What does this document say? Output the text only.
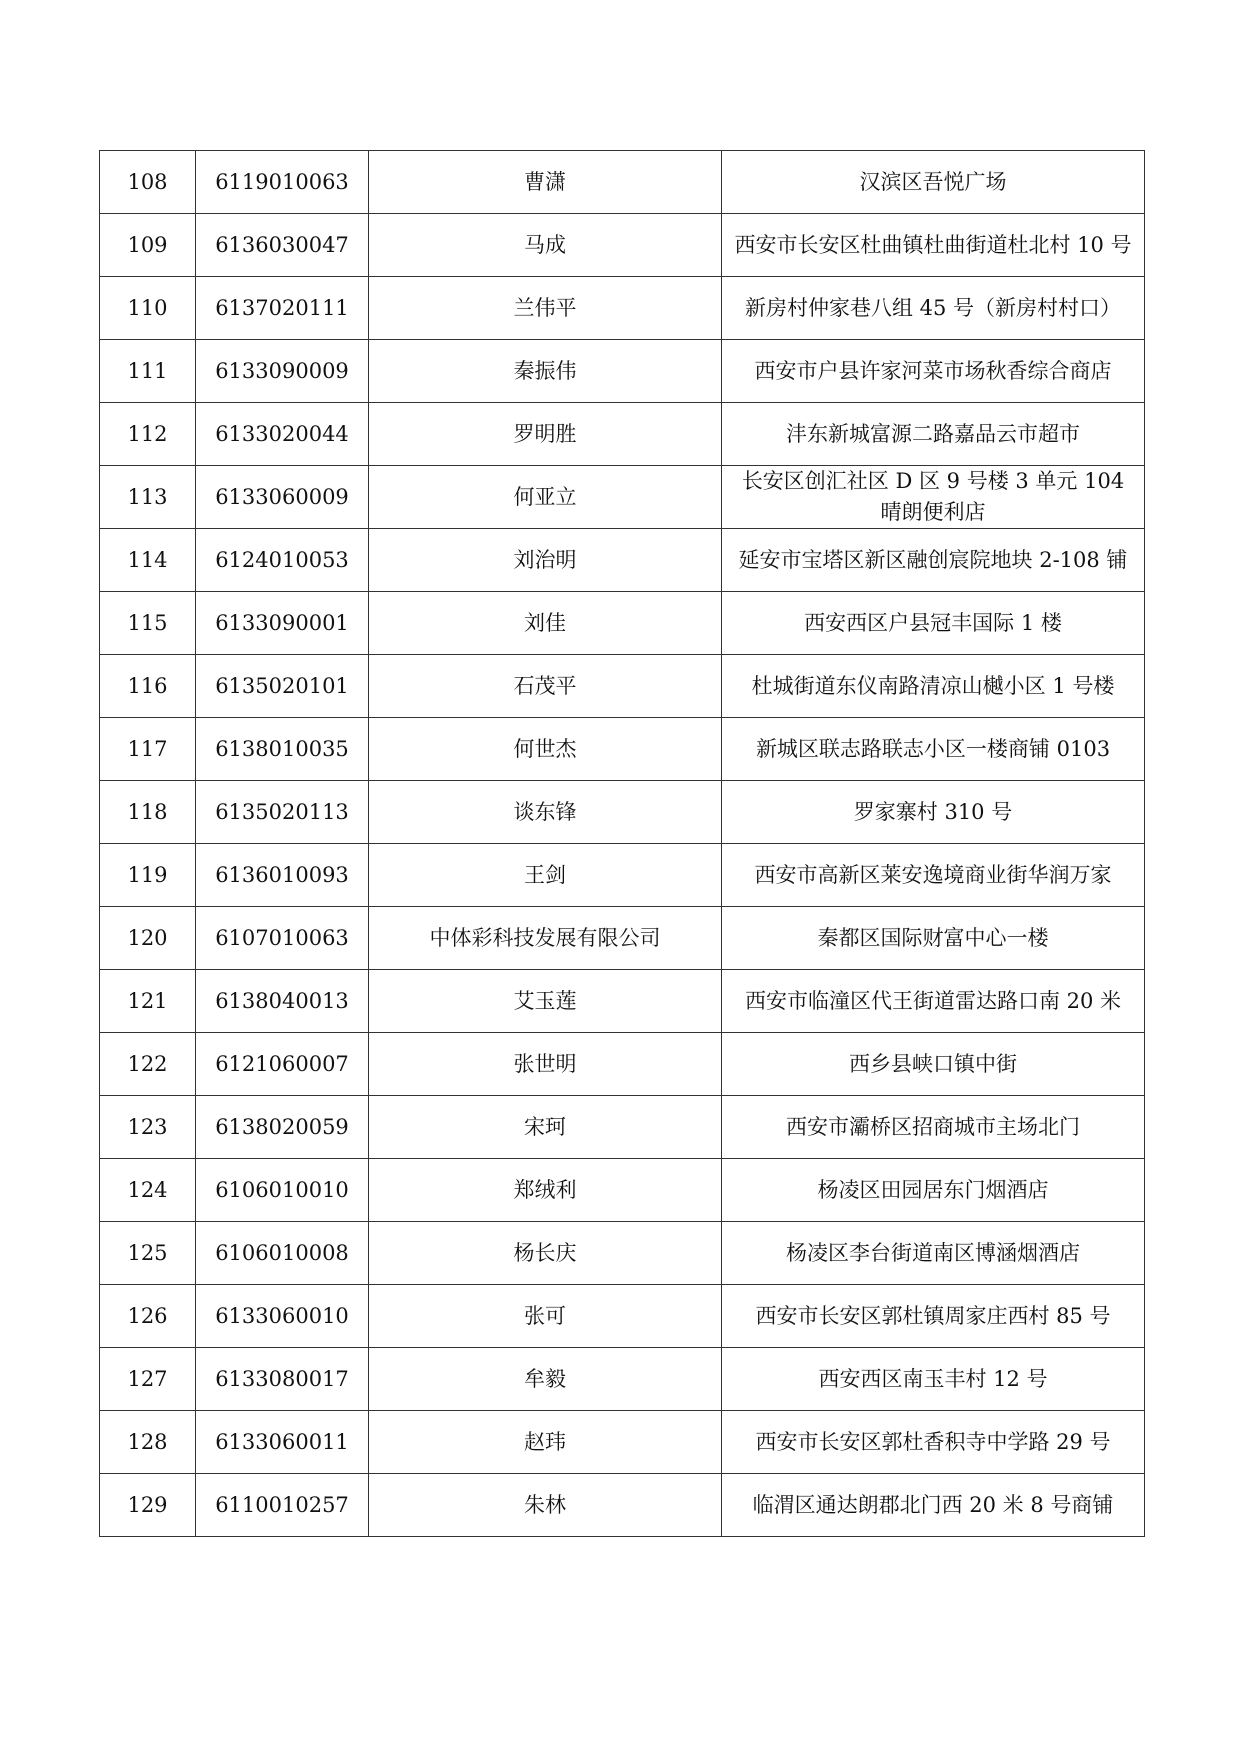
108	6119010063	曹潇	汉滨区吾悦广场
109	6136030047	马成	西安市长安区杜曲镇杜曲街道杜北村 10 号
110	6137020111	兰伟平	新房村仲家巷八组 45 号（新房村村口）
111	6133090009	秦振伟	西安市户县许家河菜市场秋香综合商店
112	6133020044	罗明胜	沣东新城富源二路嘉品云市超市
113	6133060009	何亚立	长安区创汇社区 D 区 9 号楼 3 单元 104 晴朗便利店
114	6124010053	刘治明	延安市宝塔区新区融创宸院地块 2-108 铺
115	6133090001	刘佳	西安西区户县冠丰国际 1 楼
116	6135020101	石茂平	杜城街道东仪南路清凉山樾小区 1 号楼
117	6138010035	何世杰	新城区联志路联志小区一楼商铺 0103
118	6135020113	谈东锋	罗家寨村 310 号
119	6136010093	王剑	西安市高新区莱安逸境商业街华润万家
120	6107010063	中体彩科技发展有限公司	秦都区国际财富中心一楼
121	6138040013	艾玉莲	西安市临潼区代王街道雷达路口南 20 米
122	6121060007	张世明	西乡县峡口镇中街
123	6138020059	宋珂	西安市灞桥区招商城市主场北门
124	6106010010	郑绒利	杨凌区田园居东门烟酒店
125	6106010008	杨长庆	杨凌区李台街道南区博涵烟酒店
126	6133060010	张可	西安市长安区郭杜镇周家庄西村 85 号
127	6133080017	牟毅	西安西区南玉丰村 12 号
128	6133060011	赵玮	西安市长安区郭杜香积寺中学路 29 号
129	6110010257	朱林	临渭区通达朗郡北门西 20 米 8 号商铺
